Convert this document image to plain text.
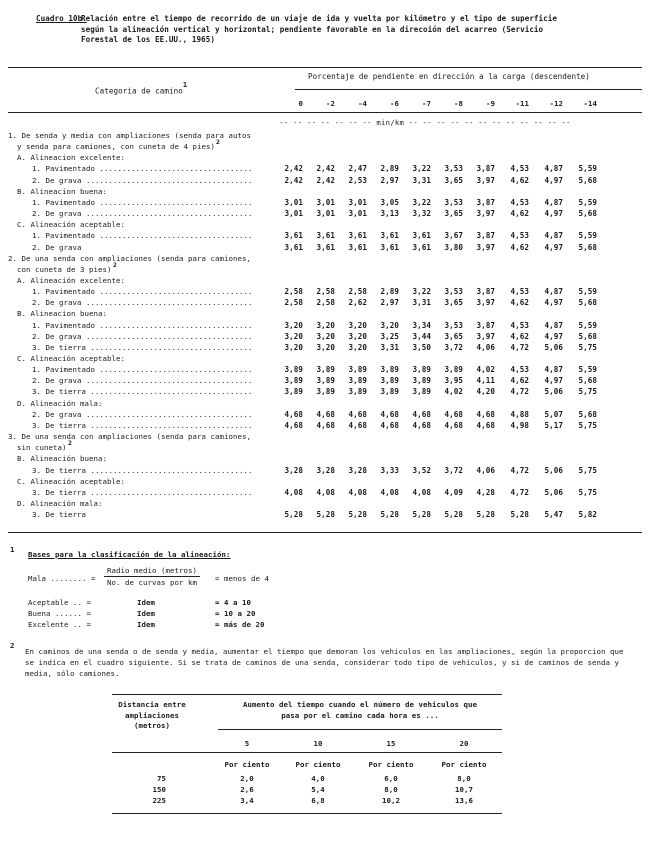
Cuadro 10b.
Relación entre el tiempo de recorrido de un viaje de ida y vuelta por kilómetro y el tipo de superficie según la alineación vertical y horizontal; pendiente favorable en la direcoión del acarreo (Servicio Forestal de los EE.UU., 1965)
Categoria de camino$^1$
Porcentaje de pendiente en dirección a la carga (descendente)
0	-2	-4	-6	-7	-8	-9	-11	-12	-14
-- -- -- -- -- -- -- min/km -- -- -- -- -- -- -- -- -- -- -- --
1. De senda y media con ampliaciones (senda para autos
y senda para camiones, con cuneta de 4 pies) 2
A. Alineacion excelente:
1. Pavimentado ..................................	2,42	2,42	2,47	2,89	3,22	3,53	3,87	4,53	4,87	5,59
2. De grava .....................................	2,42	2,42	2,53	2,97	3,31	3,65	3,97	4,62	4,97	5,68
B. Alineacion buena:
1. Pavimentado ..................................	3,01	3,01	3,01	3,05	3,22	3,53	3,87	4,53	4,87	5,59
2. De grava .....................................	3,01	3,01	3,01	3,13	3,32	3,65	3,97	4,62	4,97	5,68
C. Alineación aceptable:
1. Pavimentado ..................................	3,61	3,61	3,61	3,61	3,61	3,67	3,87	4,53	4,87	5,59
2. De grava	3,61	3,61	3,61	3,61	3,61	3,80	3,97	4,62	4,97	5,68
2. De una senda con ampliaciones (senda para camiones,
con cuneta de 3 pies) 2
A. Alineación excelente:
1. Pavimentado ..................................	2,58	2,58	2,58	2,89	3,22	3,53	3,87	4,53	4,87	5,59
2. De grava .....................................	2,58	2,58	2,62	2,97	3,31	3,65	3,97	4,62	4,97	5,68
B. Alineacion buena:
1. Pavimentado ..................................	3,20	3,20	3,20	3,20	3,34	3,53	3,87	4,53	4,87	5,59
2. De grava .....................................	3,20	3,20	3,20	3,25	3,44	3,65	3,97	4,62	4,97	5,68
3. De tierra ....................................	3,20	3,20	3,20	3,31	3,50	3,72	4,06	4,72	5,06	5,75
C. Alineación aceptable:
1. Pavimentado ..................................	3,89	3,89	3,89	3,89	3,89	3,89	4,02	4,53	4,87	5,59
2. De grava .....................................	3,89	3,89	3,89	3,89	3,89	3,95	4,11	4,62	4,97	5,68
3. De tierra ....................................	3,89	3,89	3,89	3,89	3,89	4,02	4,20	4,72	5,06	5,75
D. Alineación mala:
2. De grava .....................................	4,68	4,68	4,68	4,68	4,68	4,68	4,68	4,88	5,07	5,68
3. De tierra ....................................	4,68	4,68	4,68	4,68	4,68	4,68	4,68	4,98	5,17	5,75
3. De una senda con ampliaciones (senda para camiones,
sin cuneta) 2
B. Alineación buena:
3. De tierra ....................................	3,28	3,28	3,28	3,33	3,52	3,72	4,06	4,72	5,06	5,75
C. Alineación aceptable:
3. De tierra ....................................	4,08	4,08	4,08	4,08	4,08	4,09	4,28	4,72	5,06	5,75
D. Alineación mala:
3. De tierra	5,28	5,28	5,28	5,28	5,28	5,28	5,28	5,28	5,47	5,82
1
Bases para la clasificación de la alineación:
Mala ........ =
Radio medio (metros)
No. de curvas por km	= menos de 4
Aceptable .. =	Idem	= 4 a 10
Buena ...... =	Idem	= 10 a 20
Excelente .. =	Idem	= más de 20
2
En caminos de una senda o de senda y media, aumentar el tiempo que demoran los vehiculos en las ampliaciones, según la proporcion que se indica en el cuadro siguiente. Si se trata de caminos de una senda, considerar todo tipo de vehiculos, y si de caminos de senda y media, sólo camiones.
Distancia entre
ampliaciones
(metros)
Aumento del tiempo cuando el número de vehiculos que
pasa por el camino cada hora es ...
5	10	15	20
Por ciento	Por ciento	Por ciento	Por ciento
75	2,0	4,0	6,0	8,0
150	2,6	5,4	8,0	10,7
225	3,4	6,8	10,2	13,6
